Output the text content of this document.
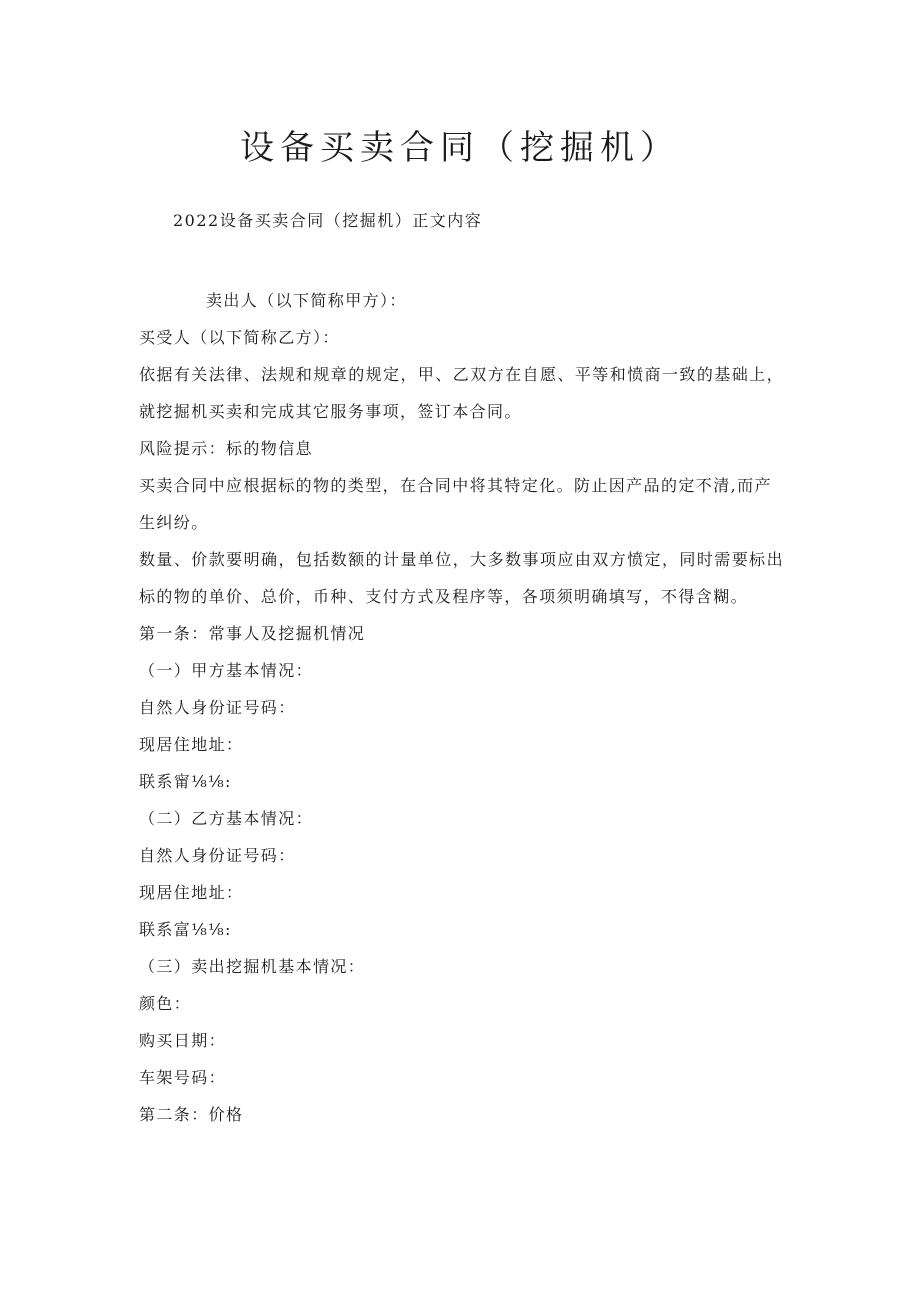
设备买卖合同（挖掘机）

2022设备买卖合同（挖掘机）正文内容

卖出人（以下简称甲方）：

买受人（以下简称乙方）：

依据有关法律、法规和规章的规定，甲、乙双方在自愿、平等和愤商一致的基础上，就挖掘机买卖和完成其它服务事项，签订本合同。

风险提示：标的物信息

买卖合同中应根据标的物的类型，在合同中将其特定化。防止因产品的定不清,而产生纠纷。

数量、价款要明确，包括数额的计量单位，大多数事项应由双方愤定，同时需要标出标的物的单价、总价，币种、支付方式及程序等，各项须明确填写，不得含糊。

第一条：常事人及挖掘机情况

（一）甲方基本情况：

自然人身份证号码：

现居住地址：

联系甯⅛⅛:

（二）乙方基本情况：

自然人身份证号码：

现居住地址：

联系富⅛⅛:

（三）卖出挖掘机基本情况：

颜色：

购买日期：

车架号码：

第二条：价格
